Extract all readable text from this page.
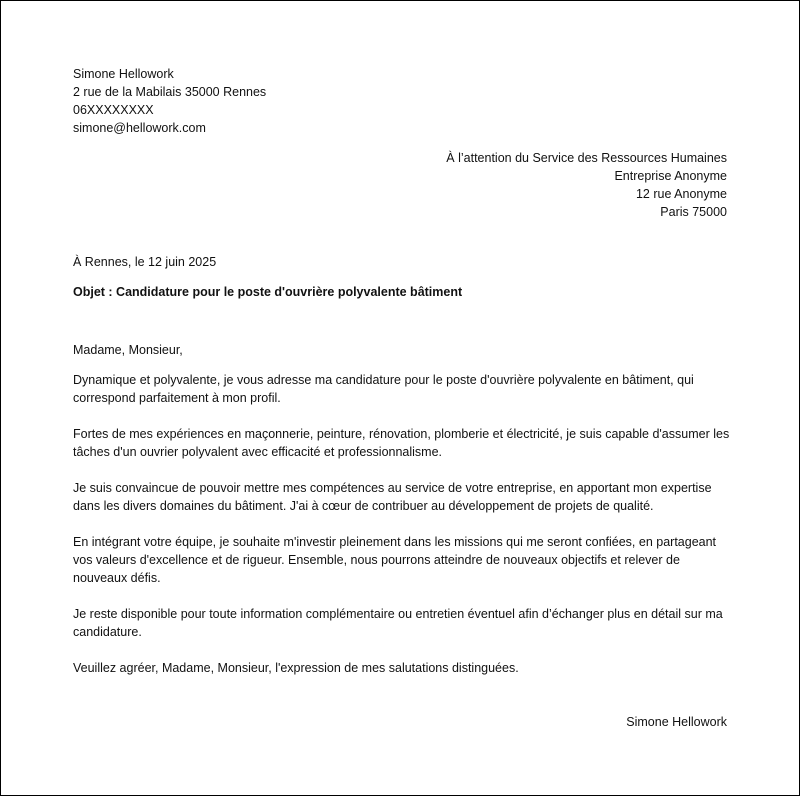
Simone Hellowork
2 rue de la Mabilais 35000 Rennes
06XXXXXXXX
simone@hellowork.com
À l’attention du Service des Ressources Humaines
Entreprise Anonyme
12 rue Anonyme
Paris 75000
À Rennes, le 12 juin 2025
Objet : Candidature pour le poste d'ouvrière polyvalente bâtiment
Madame, Monsieur,
Dynamique et polyvalente, je vous adresse ma candidature pour le poste d'ouvrière polyvalente en bâtiment, qui correspond parfaitement à mon profil.
Fortes de mes expériences en maçonnerie, peinture, rénovation, plomberie et électricité, je suis capable d'assumer les tâches d'un ouvrier polyvalent avec efficacité et professionnalisme.
Je suis convaincue de pouvoir mettre mes compétences au service de votre entreprise, en apportant mon expertise dans les divers domaines du bâtiment. J'ai à cœur de contribuer au développement de projets de qualité.
En intégrant votre équipe, je souhaite m'investir pleinement dans les missions qui me seront confiées, en partageant vos valeurs d'excellence et de rigueur. Ensemble, nous pourrons atteindre de nouveaux objectifs et relever de nouveaux défis.
Je reste disponible pour toute information complémentaire ou entretien éventuel afin d’échanger plus en détail sur ma candidature.
Veuillez agréer, Madame, Monsieur, l'expression de mes salutations distinguées.
Simone Hellowork
